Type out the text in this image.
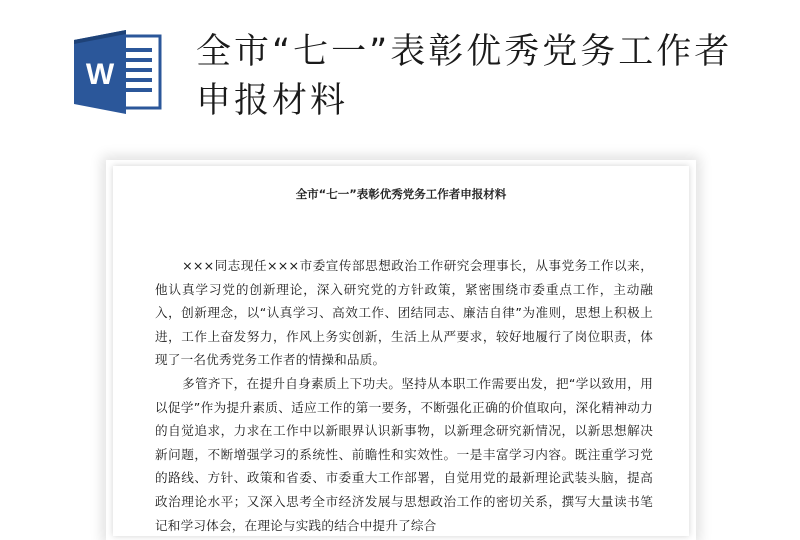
W
全市“七一”表彰优秀党务工作者申报材料
全市“七一”表彰优秀党务工作者申报材料

×××同志现任×××市委宣传部思想政治工作研究会理事长，从事党务工作以来，他认真学习党的创新理论，深入研究党的方针政策，紧密围绕市委重点工作，主动融入，创新理念，以“认真学习、高效工作、团结同志、廉洁自律”为准则，思想上积极上进，工作上奋发努力，作风上务实创新，生活上从严要求，较好地履行了岗位职责，体现了一名优秀党务工作者的情操和品质。

多管齐下，在提升自身素质上下功夫。坚持从本职工作需要出发，把“学以致用，用以促学”作为提升素质、适应工作的第一要务，不断强化正确的价值取向，深化精神动力的自觉追求，力求在工作中以新眼界认识新事物，以新理念研究新情况，以新思想解决新问题，不断增强学习的系统性、前瞻性和实效性。一是丰富学习内容。既注重学习党的路线、方针、政策和省委、市委重大工作部署，自觉用党的最新理论武装头脑，提高政治理论水平；又深入思考全市经济发展与思想政治工作的密切关系，撰写大量读书笔记和学习体会，在理论与实践的结合中提升了综合
